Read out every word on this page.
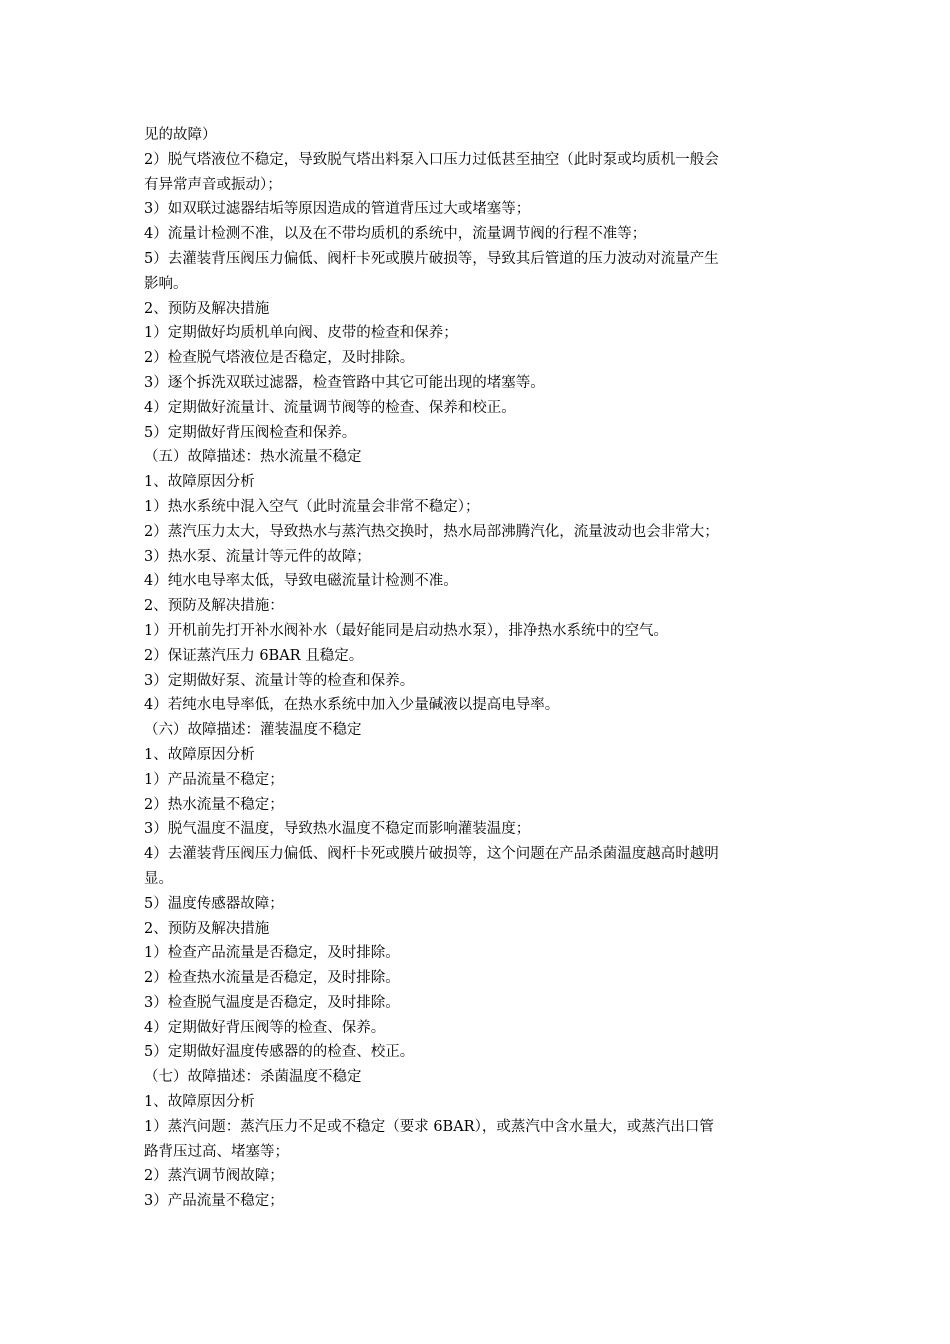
见的故障）
2）脱气塔液位不稳定，导致脱气塔出料泵入口压力过低甚至抽空（此时泵或均质机一般会
有异常声音或振动）；
3）如双联过滤器结垢等原因造成的管道背压过大或堵塞等；
4）流量计检测不准，以及在不带均质机的系统中，流量调节阀的行程不准等；
5）去灌装背压阀压力偏低、阀杆卡死或膜片破损等，导致其后管道的压力波动对流量产生
影响。
2、预防及解决措施
1）定期做好均质机单向阀、皮带的检查和保养；
2）检查脱气塔液位是否稳定，及时排除。
3）逐个拆洗双联过滤器，检查管路中其它可能出现的堵塞等。
4）定期做好流量计、流量调节阀等的检查、保养和校正。
5）定期做好背压阀检查和保养。
（五）故障描述：热水流量不稳定
1、故障原因分析
1）热水系统中混入空气（此时流量会非常不稳定）；
2）蒸汽压力太大，导致热水与蒸汽热交换时，热水局部沸腾汽化，流量波动也会非常大；
3）热水泵、流量计等元件的故障；
4）纯水电导率太低，导致电磁流量计检测不准。
2、预防及解决措施：
1）开机前先打开补水阀补水（最好能同是启动热水泵），排净热水系统中的空气。
2）保证蒸汽压力 6BAR 且稳定。
3）定期做好泵、流量计等的检查和保养。
4）若纯水电导率低，在热水系统中加入少量碱液以提高电导率。
（六）故障描述：灌装温度不稳定
1、故障原因分析
1）产品流量不稳定；
2）热水流量不稳定；
3）脱气温度不温度，导致热水温度不稳定而影响灌装温度；
4）去灌装背压阀压力偏低、阀杆卡死或膜片破损等，这个问题在产品杀菌温度越高时越明
显。
5）温度传感器故障；
2、预防及解决措施
1）检查产品流量是否稳定，及时排除。
2）检查热水流量是否稳定，及时排除。
3）检查脱气温度是否稳定，及时排除。
4）定期做好背压阀等的检查、保养。
5）定期做好温度传感器的的检查、校正。
（七）故障描述：杀菌温度不稳定
1、故障原因分析
1）蒸汽问题：蒸汽压力不足或不稳定（要求 6BAR），或蒸汽中含水量大，或蒸汽出口管
路背压过高、堵塞等；
2）蒸汽调节阀故障；
3）产品流量不稳定；
